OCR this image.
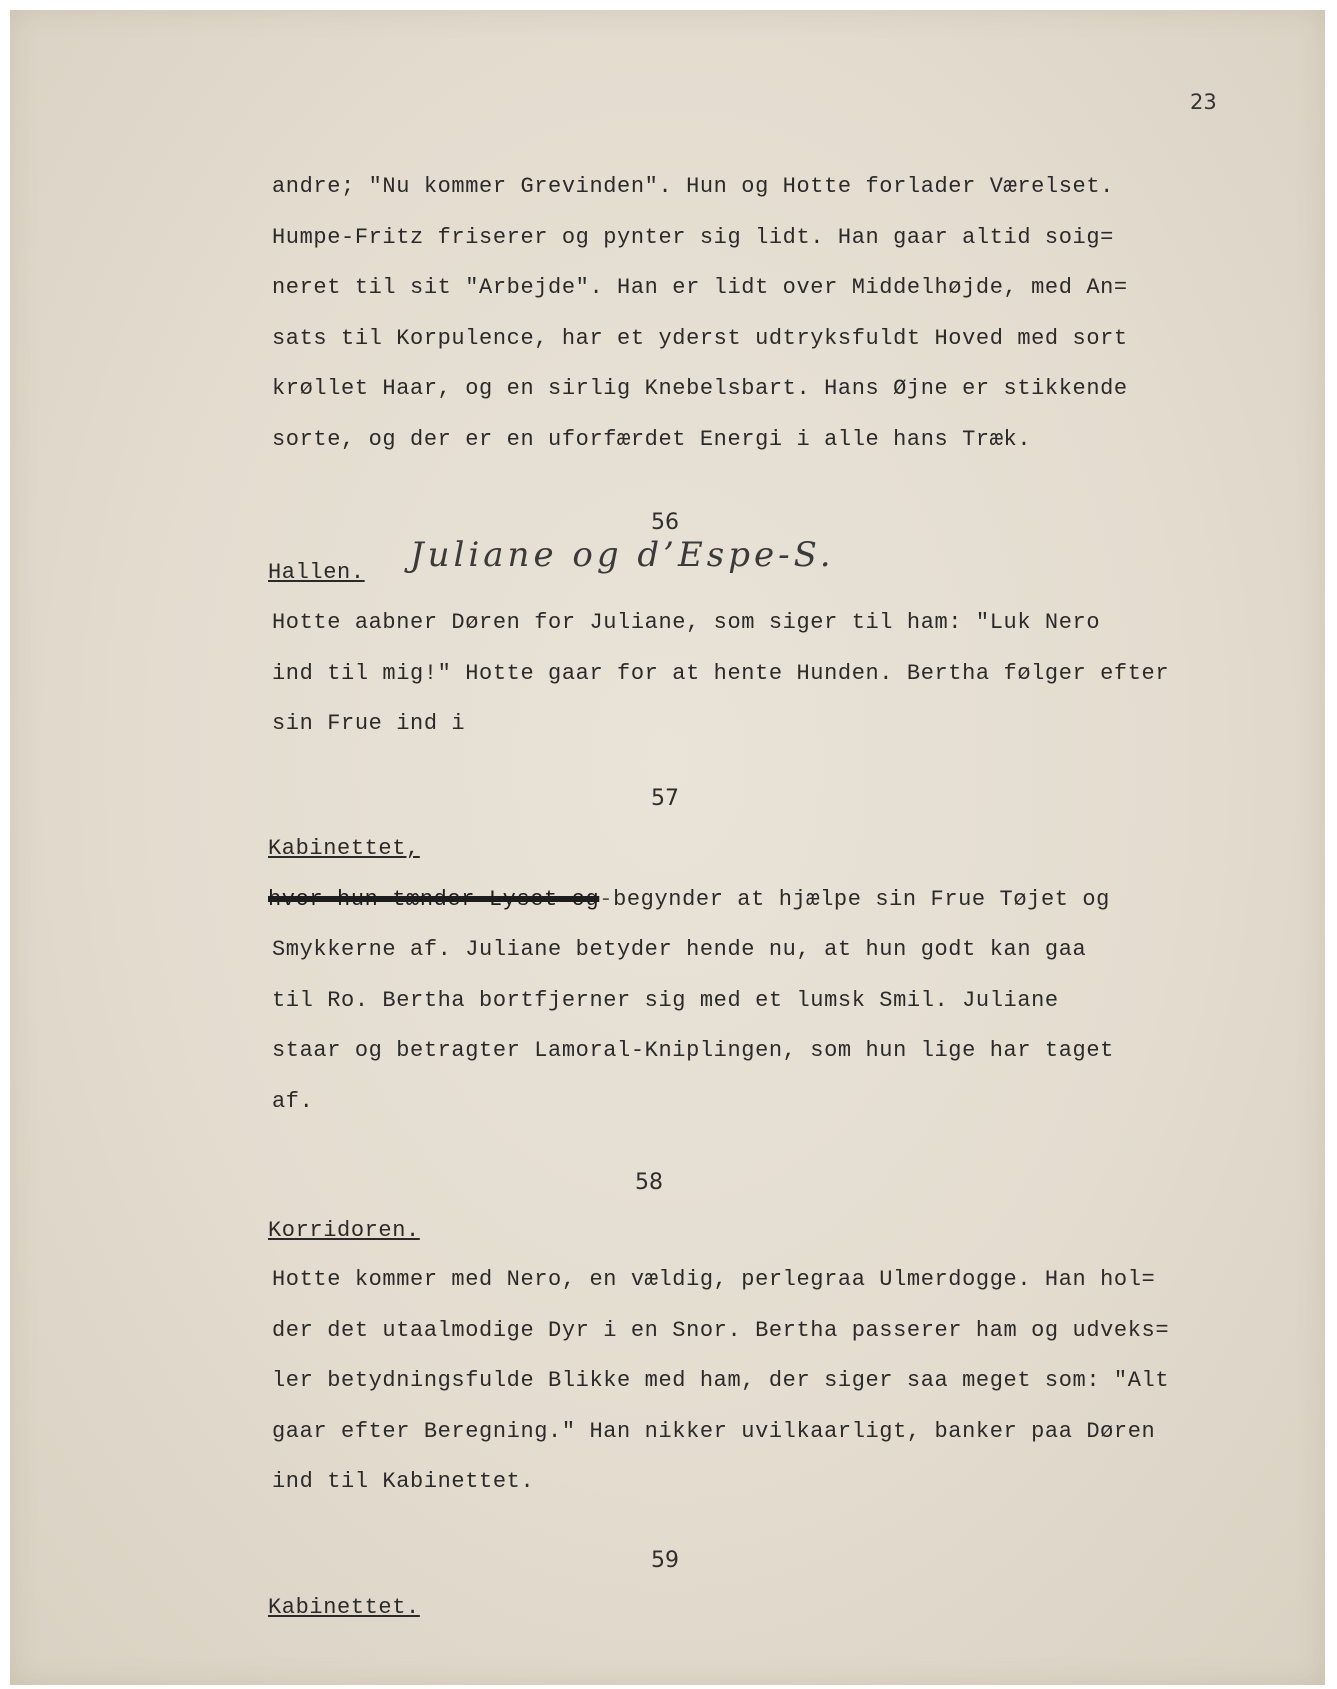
23
andre; "Nu kommer Grevinden". Hun og Hotte forlader Værelset.
Humpe-Fritz friserer og pynter sig lidt. Han gaar altid soig=
neret til sit "Arbejde". Han er lidt over Middelhøjde, med An=
sats til Korpulence, har et yderst udtryksfuldt Hoved med sort
krøllet Haar, og en sirlig Knebelsbart. Hans Øjne er stikkende
sorte, og der er en uforfærdet Energi i alle hans Træk.
56
Hallen. Juliane og d’Espe-S.
Hotte aabner Døren for Juliane, som siger til ham: "Luk Nero
ind til mig!" Hotte gaar for at hente Hunden. Bertha følger efter
sin Frue ind i
57
Kabinettet,
hvor hun tænder Lyset og-begynder at hjælpe sin Frue Tøjet og
Smykkerne af. Juliane betyder hende nu, at hun godt kan gaa
til Ro. Bertha bortfjerner sig med et lumsk Smil. Juliane
staar og betragter Lamoral-Kniplingen, som hun lige har taget
af.
58
Korridoren.
Hotte kommer med Nero, en vældig, perlegraa Ulmerdogge. Han hol=
der det utaalmodige Dyr i en Snor. Bertha passerer ham og udveks=
ler betydningsfulde Blikke med ham, der siger saa meget som: "Alt
gaar efter Beregning." Han nikker uvilkaarligt, banker paa Døren
ind til Kabinettet.
59
Kabinettet.
